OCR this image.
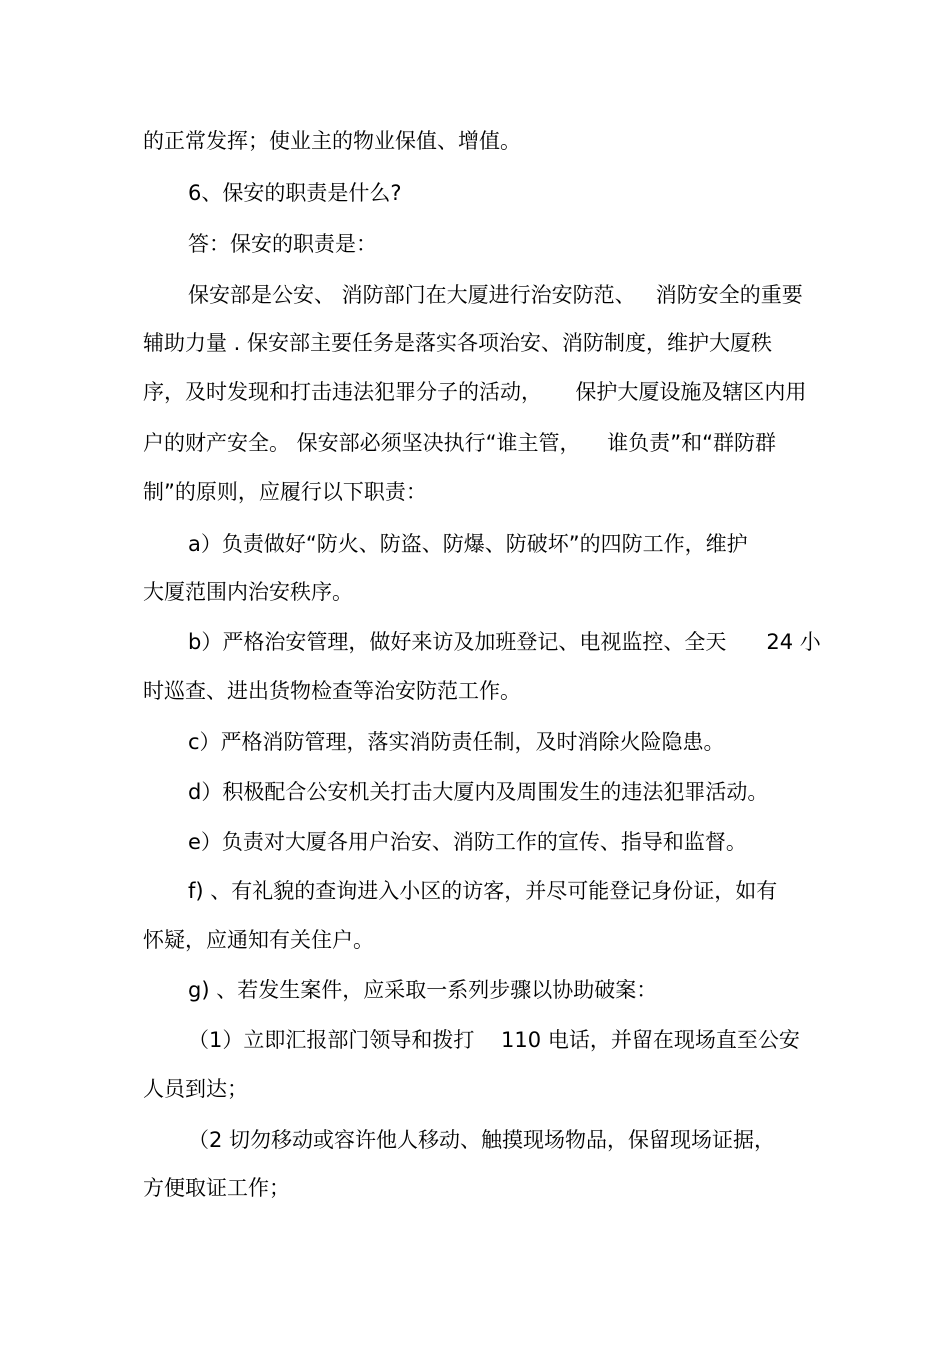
的正常发挥；使业主的物业保值、增值。
6、保安的职责是什么?
答：保安的职责是：
保安部是公安、 消防部门在大厦进行治安防范、   消防安全的重要
辅助力量 . 保安部主要任务是落实各项治安、消防制度，维护大厦秩
序，及时发现和打击违法犯罪分子的活动，     保护大厦设施及辖区内用
户的财产安全。 保安部必须坚决执行“谁主管，    谁负责”和“群防群
制”的原则，应履行以下职责：
a）负责做好“防火、防盗、防爆、防破坏”的四防工作，维护
大厦范围内治安秩序。
b）严格治安管理，做好来访及加班登记、电视监控、全天      24 小
时巡查、进出货物检查等治安防范工作。
c）严格消防管理，落实消防责任制，及时消除火险隐患。
d）积极配合公安机关打击大厦内及周围发生的违法犯罪活动。
e）负责对大厦各用户治安、消防工作的宣传、指导和监督。
f) 、有礼貌的查询进入小区的访客，并尽可能登记身份证，如有
怀疑，应通知有关住户。
g) 、若发生案件，应采取一系列步骤以协助破案：
（1）立即汇报部门领导和拨打    110 电话，并留在现场直至公安
人员到达；
（2 切勿移动或容许他人移动、触摸现场物品，保留现场证据，
方便取证工作；
